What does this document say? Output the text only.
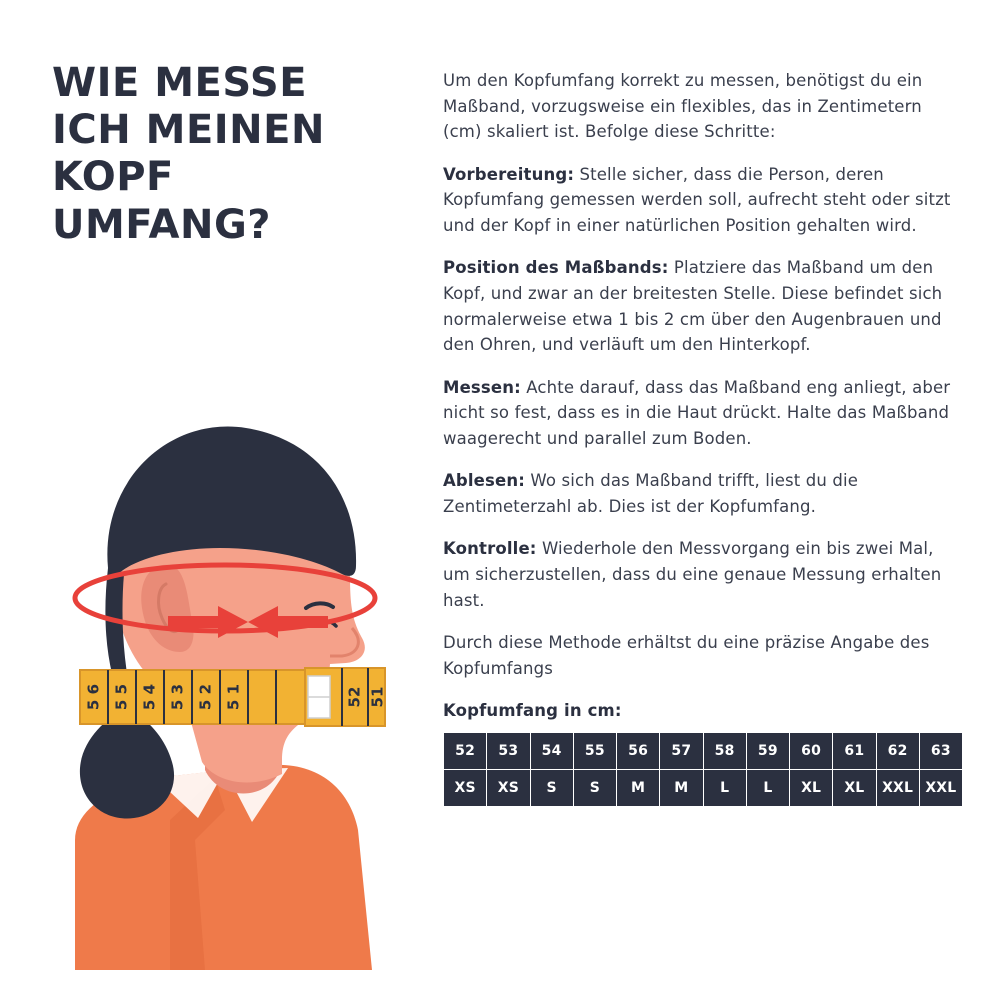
WIE MESSE
ICH MEINEN
KOPF
UMFANG?
5 6 5 5 5 4 5 3 5 2 5 1	52 51

Um den Kopfumfang korrekt zu messen, benötigst du ein Maßband, vorzugsweise ein flexibles, das in Zentimetern (cm) skaliert ist. Befolge diese Schritte:

Vorbereitung: Stelle sicher, dass die Person, deren Kopfumfang gemessen werden soll, aufrecht steht oder sitzt und der Kopf in einer natürlichen Position gehalten wird.

Position des Maßbands: Platziere das Maßband um den Kopf, und zwar an der breitesten Stelle. Diese befindet sich normalerweise etwa 1 bis 2 cm über den Augenbrauen und den Ohren, und verläuft um den Hinterkopf.

Messen: Achte darauf, dass das Maßband eng anliegt, aber nicht so fest, dass es in die Haut drückt. Halte das Maßband waagerecht und parallel zum Boden.

Ablesen: Wo sich das Maßband trifft, liest du die Zentimeterzahl ab. Dies ist der Kopfumfang.

Kontrolle: Wiederhole den Messvorgang ein bis zwei Mal, um sicherzustellen, dass du eine genaue Messung erhalten hast.

Durch diese Methode erhältst du eine präzise Angabe des Kopfumfangs

Kopfumfang in cm:
52	53	54	55	56	57	58	59	60	61	62	63
XS	XS	S	S	M	M	L	L	XL	XL	XXL	XXL
